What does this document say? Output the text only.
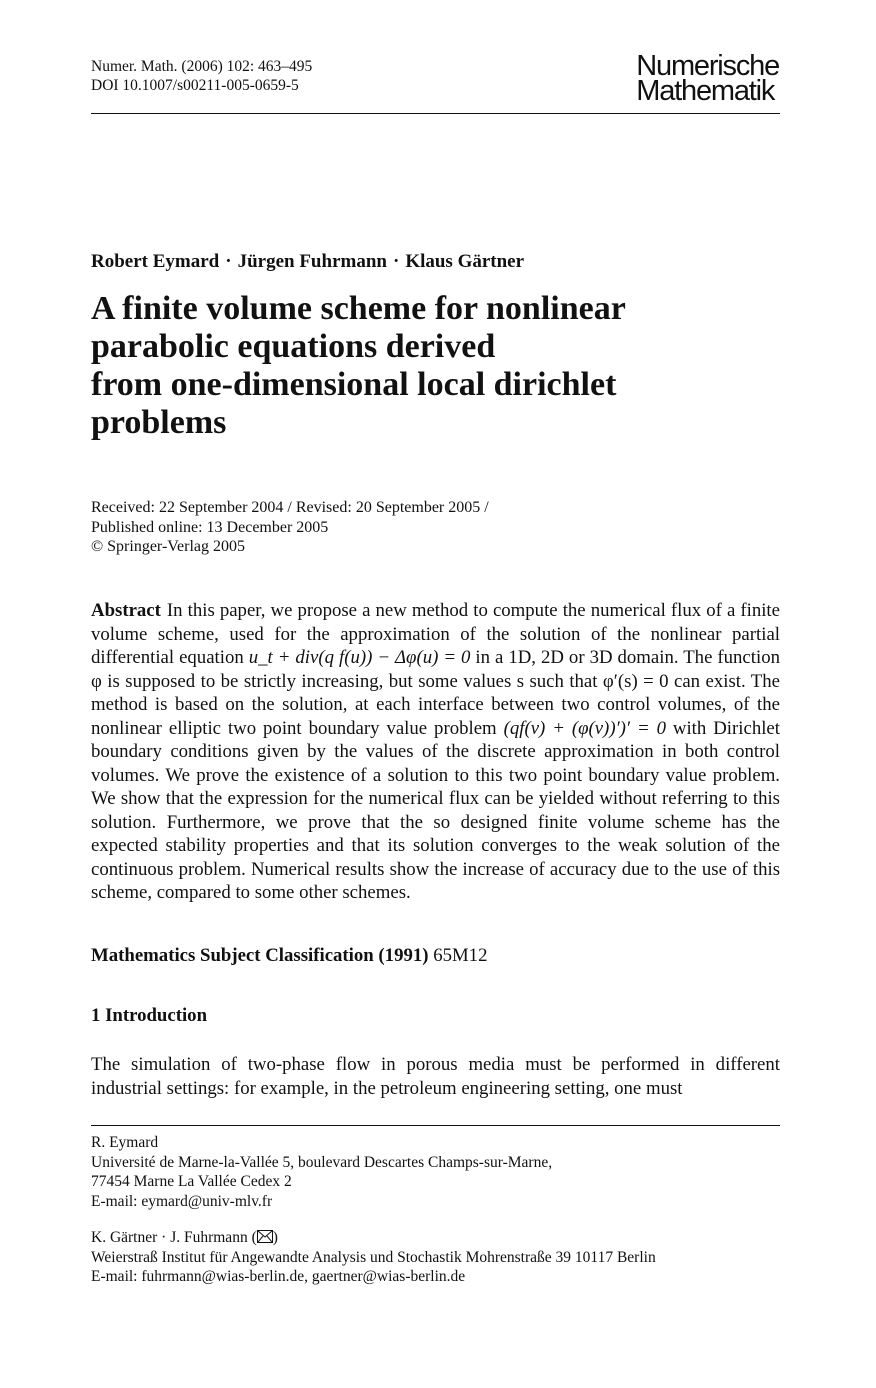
Numer. Math. (2006) 102: 463–495
DOI 10.1007/s00211-005-0659-5
Numerische
Mathematik
Robert Eymard · Jürgen Fuhrmann · Klaus Gärtner
A finite volume scheme for nonlinear
parabolic equations derived
from one-dimensional local dirichlet
problems
Received: 22 September 2004 / Revised: 20 September 2005 /
Published online: 13 December 2005
© Springer-Verlag 2005

Abstract In this paper, we propose a new method to compute the numerical flux of a finite volume scheme, used for the approximation of the solution of the nonlinear partial differential equation u_t + div(q f(u)) − Δφ(u) = 0 in a 1D, 2D or 3D domain. The function φ is supposed to be strictly increasing, but some values s such that φ′(s) = 0 can exist. The method is based on the solution, at each interface between two control volumes, of the nonlinear elliptic two point boundary value problem (qf(v) + (φ(v))′)′ = 0 with Dirichlet boundary conditions given by the values of the discrete approximation in both control volumes. We prove the existence of a solution to this two point boundary value problem. We show that the expression for the numerical flux can be yielded without referring to this solution. Furthermore, we prove that the so designed finite volume scheme has the expected stability properties and that its solution converges to the weak solution of the continuous problem. Numerical results show the increase of accuracy due to the use of this scheme, compared to some other schemes.

Mathematics Subject Classification (1991) 65M12
1 Introduction

The simulation of two-phase flow in porous media must be performed in different industrial settings: for example, in the petroleum engineering setting, one must

R. Eymard
Université de Marne-la-Vallée 5, boulevard Descartes Champs-sur-Marne,
77454 Marne La Vallée Cedex 2
E-mail: eymard@univ-mlv.fr
K. Gärtner · J. Fuhrmann ( )
Weierstraß Institut für Angewandte Analysis und Stochastik Mohrenstraße 39 10117 Berlin
E-mail: fuhrmann@wias-berlin.de, gaertner@wias-berlin.de
